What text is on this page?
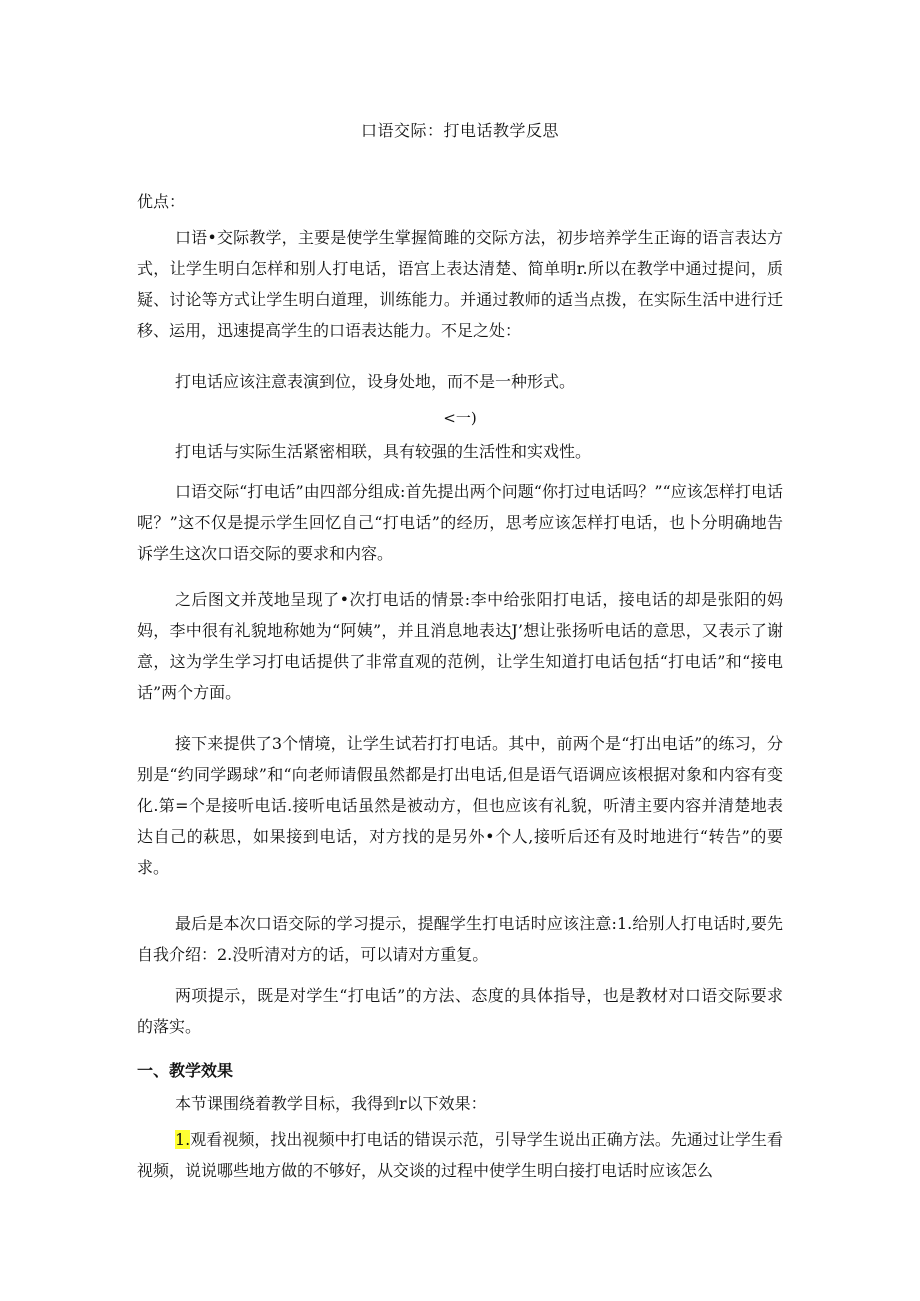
口语交际：打电话教学反思

优点：

口语•交际教学，主要是使学生掌握简雎的交际方法，初步培养学生正诲的语言表达方式，让学生明白怎样和别人打电话，语宫上表达清楚、简单明r.所以在教学中通过提问，质疑、讨论等方式让学生明白道理，训练能力。并通过教师的适当点拨，在实际生活中进行迁移、运用，迅速提高学生的口语表达能力。不足之处：

打电话应该注意表演到位，设身处地，而不是一种形式。

<一)

打电话与实际生活紧密相联，具有较强的生活性和实戏性。

口语交际“打电话”由四部分组成:首先提出两个问题“你打过电话吗？”“应该怎样打电话呢？”这不仅是提示学生回忆自己“打电话”的经历，思考应该怎样打电话，也卜分明确地告诉学生这次口语交际的要求和内容。

之后图文并茂地呈现了•次打电话的情景:李中给张阳打电话，接电话的却是张阳的妈妈，李中很有礼貌地称她为“阿姨”，并且消息地表达J’想让张扬听电话的意思，又表示了谢意，这为学生学习打电话提供了非常直观的范例，让学生知道打电话包括“打电话”和“接电话”两个方面。

接下来提供了3个情境，让学生试若打打电话。其中，前两个是“打出电话”的练习，分别是“约同学踢球”和“向老师请假虽然都是打出电话,但是语气语调应该根据对象和内容有变化.第=个是接听电话.接听电话虽然是被动方，但也应该有礼貌，听清主要内容并清楚地表达自己的萩思，如果接到电话，对方找的是另外•个人,接听后还有及时地进行“转告”的要求。

最后是本次口语交际的学习提示，提醒学生打电话时应该注意:1.给别人打电话时,要先自我介绍：2.没听清对方的话，可以请对方重复。

两项提示，既是对学生“打电话”的方法、态度的具体指导，也是教材对口语交际要求的落实。

一、教学效果

本节课围绕着教学目标，我得到r以下效果：

1.观看视频，找出视频中打电话的错误示范，引导学生说出正确方法。先通过让学生看视频，说说哪些地方做的不够好，从交谈的过程中使学生明白接打电话时应该怎么
